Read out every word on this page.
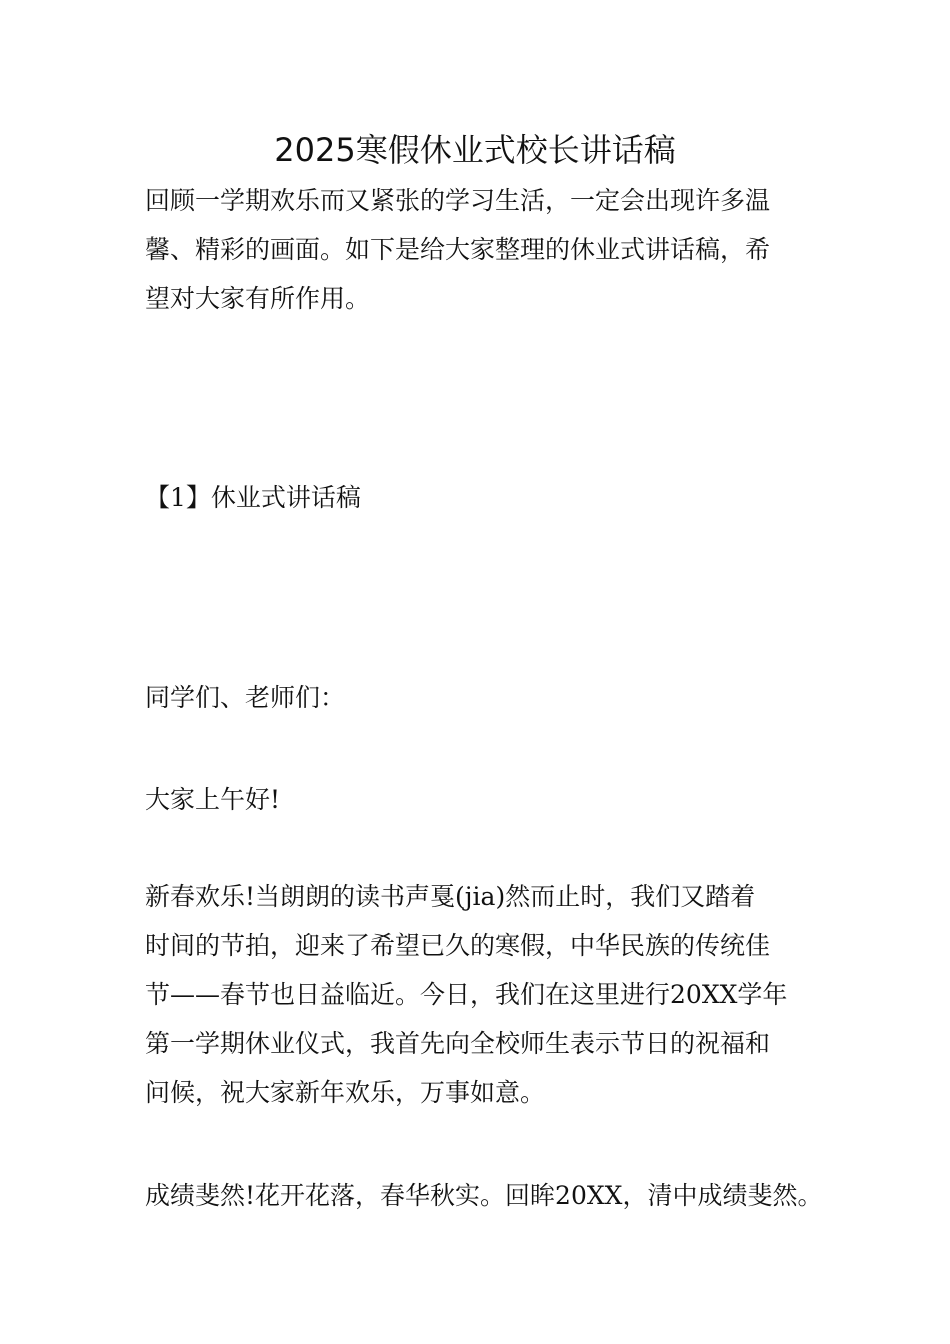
2025寒假休业式校长讲话稿
回顾一学期欢乐而又紧张的学习生活，一定会出现许多温
馨、精彩的画面。如下是给大家整理的休业式讲话稿，希
望对大家有所作用。
【1】休业式讲话稿
同学们、老师们：
大家上午好!
新春欢乐!当朗朗的读书声戛(jia)然而止时，我们又踏着
时间的节拍，迎来了希望已久的寒假，中华民族的传统佳
节——春节也日益临近。今日，我们在这里进行20XX学年
第一学期休业仪式，我首先向全校师生表示节日的祝福和
问候，祝大家新年欢乐，万事如意。
成绩斐然!花开花落，春华秋实。回眸20XX，清中成绩斐然。
